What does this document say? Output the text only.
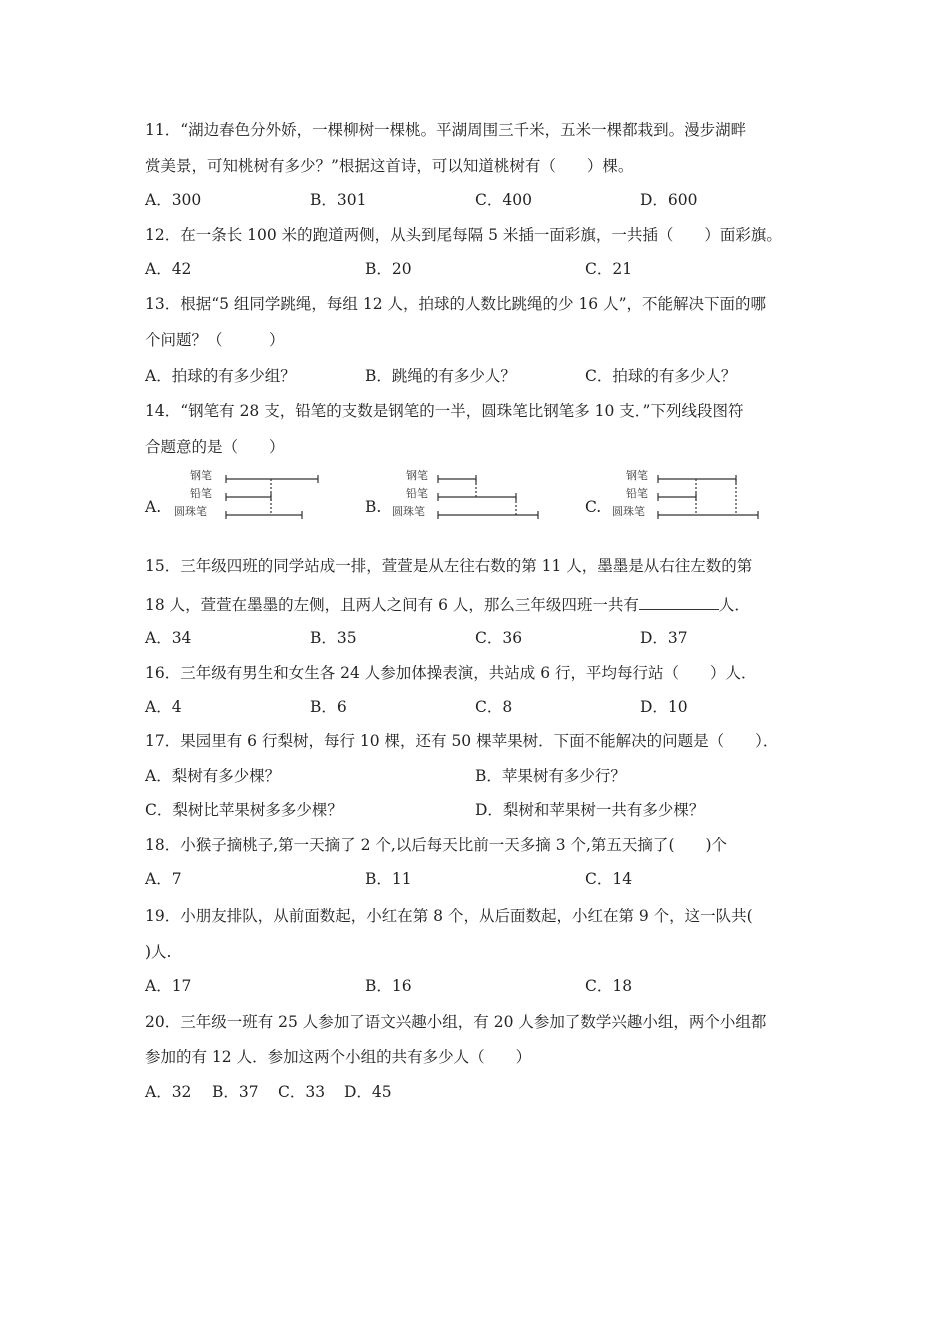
11．“湖边春色分外娇，一棵柳树一棵桃。平湖周围三千米，五米一棵都栽到。漫步湖畔
赏美景，可知桃树有多少？”根据这首诗，可以知道桃树有（　　）棵。
A．300	B．301	C．400	D．600
12．在一条长 100 米的跑道两侧，从头到尾每隔 5 米插一面彩旗，一共插（　　）面彩旗。
A．42	B．20	C．21
13．根据“5 组同学跳绳，每组 12 人，拍球的人数比跳绳的少 16 人”，不能解决下面的哪
个问题？（　　　）
A．拍球的有多少组？	B．跳绳的有多少人？	C．拍球的有多少人？
14．“钢笔有 28 支，铅笔的支数是钢笔的一半，圆珠笔比钢笔多 10 支．”下列线段图符
合题意的是（　　）
A.
钢笔
铅笔
圆珠笔	B.
钢笔
铅笔
圆珠笔	C.
钢笔
铅笔
圆珠笔
15．三年级四班的同学站成一排，萱萱是从左往右数的第 11 人，墨墨是从右往左数的第
18 人，萱萱在墨墨的左侧，且两人之间有 6 人，那么三年级四班一共有	人．
A．34	B．35	C．36	D．37
16．三年级有男生和女生各 24 人参加体操表演，共站成 6 行，平均每行站（　　）人．
A．4	B．6	C．8	D．10
17．果园里有 6 行梨树，每行 10 棵，还有 50 棵苹果树．下面不能解决的问题是（　　）．
A．梨树有多少棵？	B．苹果树有多少行？
C．梨树比苹果树多多少棵？	D．梨树和苹果树一共有多少棵？
18．小猴子摘桃子,第一天摘了 2 个,以后每天比前一天多摘 3 个,第五天摘了(　　)个
A．7	B．11	C．14
19．小朋友排队，从前面数起，小红在第 8 个，从后面数起，小红在第 9 个，这一队共(
)人.
A．17	B．16	C．18
20．三年级一班有 25 人参加了语文兴趣小组，有 20 人参加了数学兴趣小组，两个小组都
参加的有 12 人．参加这两个小组的共有多少人（　　）
A．32 B．37 C．33 D．45
